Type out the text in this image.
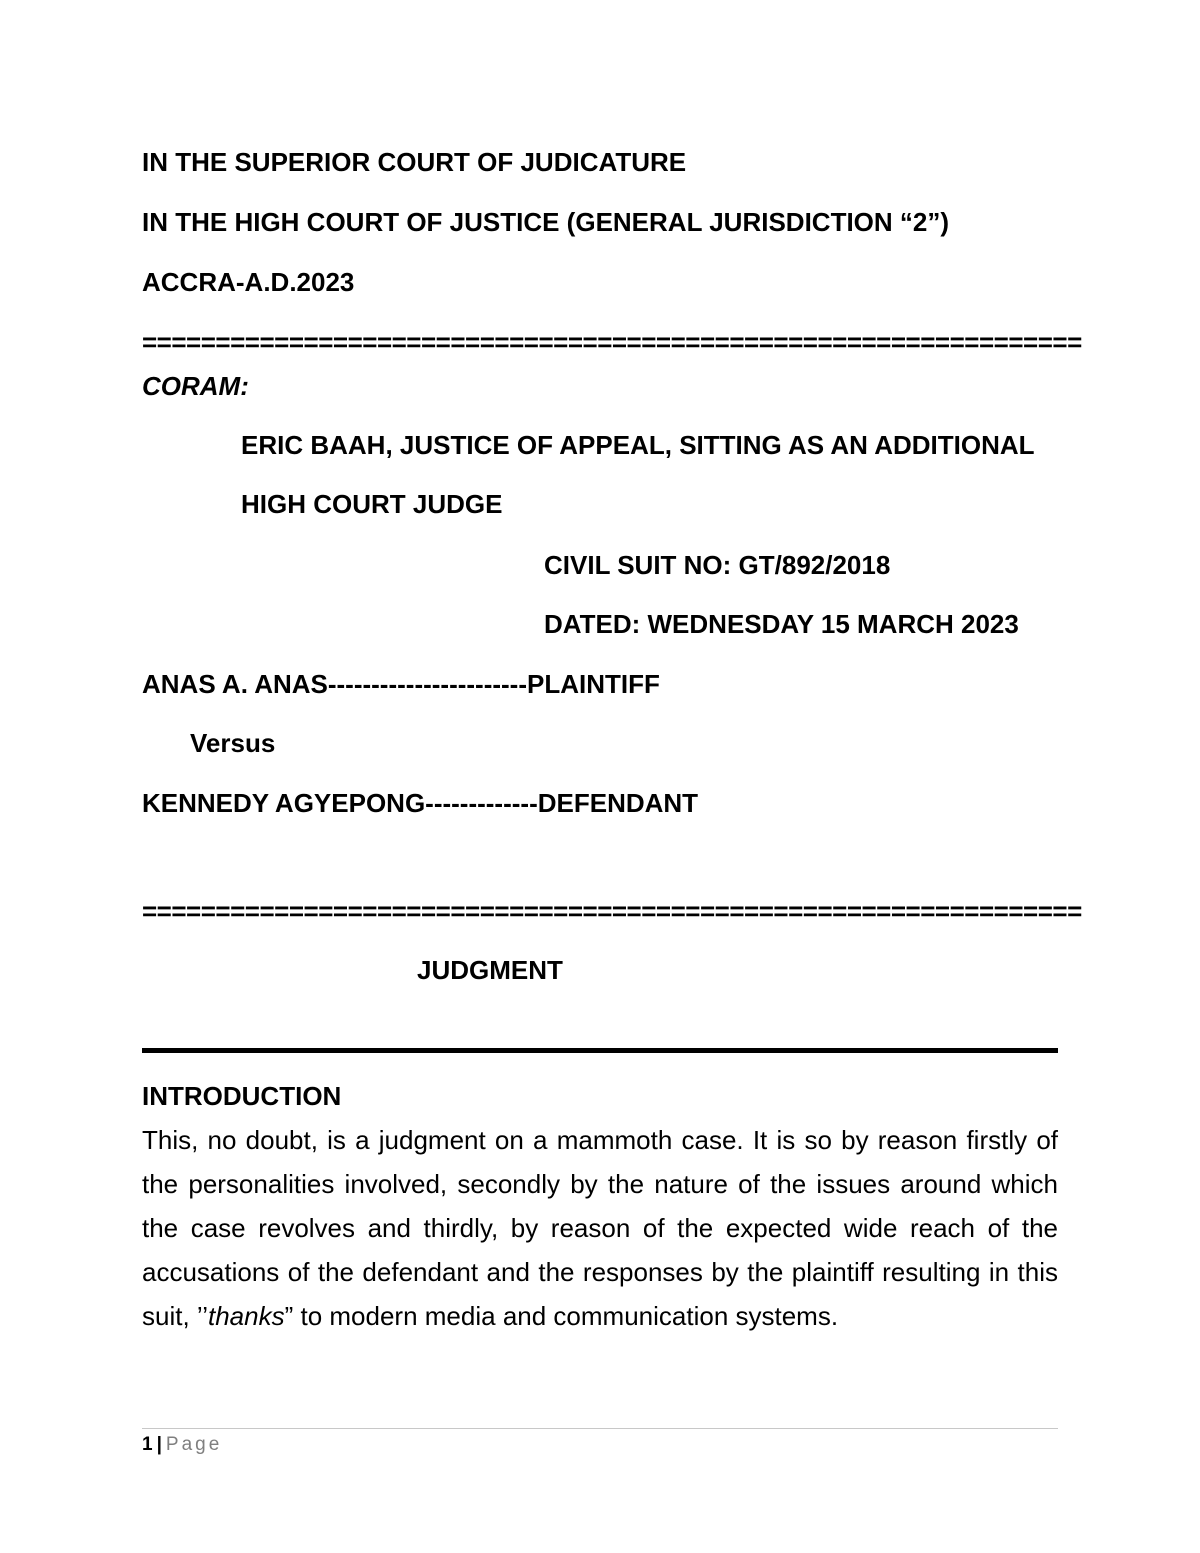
IN THE SUPERIOR COURT OF JUDICATURE
IN THE HIGH COURT OF JUSTICE (GENERAL JURISDICTION “2”)
ACCRA-A.D.2023
================================================================
CORAM:
ERIC BAAH, JUSTICE OF APPEAL, SITTING AS AN ADDITIONAL
HIGH COURT JUDGE
CIVIL SUIT NO: GT/892/2018
DATED: WEDNESDAY 15 MARCH 2023
ANAS A. ANAS-----------------------PLAINTIFF
Versus
KENNEDY AGYEPONG-------------DEFENDANT
================================================================
JUDGMENT
INTRODUCTION
This, no doubt, is a judgment on a mammoth case. It is so by reason firstly of the personalities involved, secondly by the nature of the issues around which the case revolves and thirdly, by reason of the expected wide reach of the accusations of the defendant and the responses by the plaintiff resulting in this suit, ’’thanks” to modern media and communication systems.
1 | Page
